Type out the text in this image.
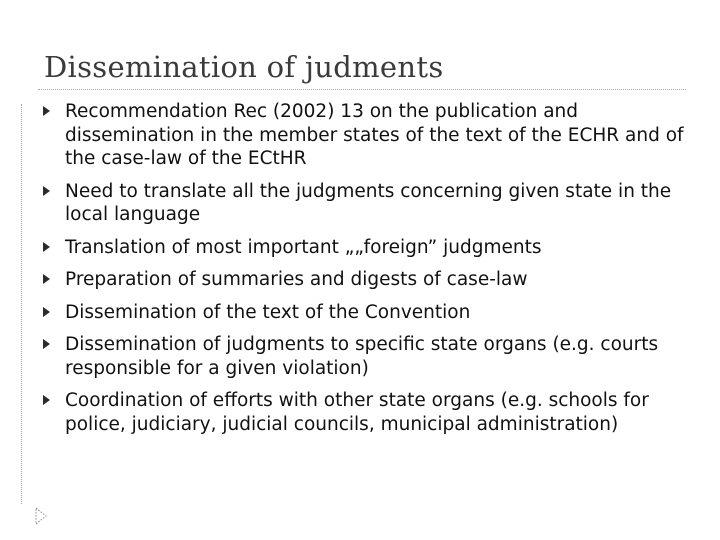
Dissemination of judments
Recommendation Rec (2002) 13 on the publication and dissemination in the member states of the text of the ECHR and of the case-law of the ECtHR
Need to translate all the judgments concerning given state in the local language
Translation of most important „„foreign” judgments
Preparation of summaries and digests of case-law
Dissemination of the text of the Convention
Dissemination of judgments to specific state organs (e.g. courts responsible for a given violation)
Coordination of efforts with other state organs (e.g. schools for police, judiciary, judicial councils, municipal administration)
